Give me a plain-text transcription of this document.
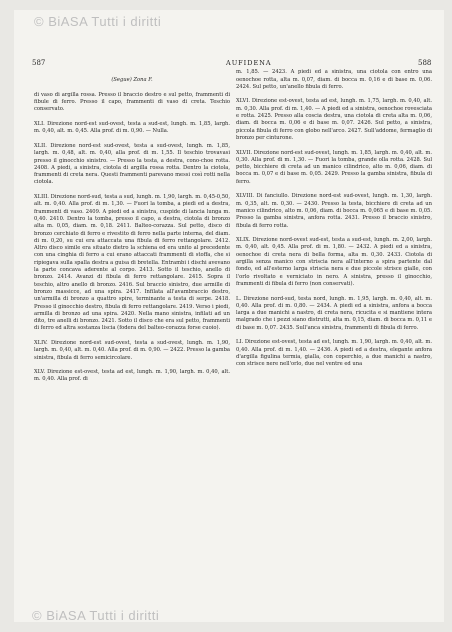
© BiASA Tutti i diritti
587	AUFIDENA	588

(Segue) Zona F.

di vaso di argilla rossa. Presso il braccio destro e sul petto, frammenti di fibule di ferro. Presso il capo, frammenti di vaso di creta. Teschio conservato.

XLI. Direzione nord-est sud-ovest, testa a sud-est, lungh. m. 1,85, largh. m. 0,40, alt. m. 0,45. Alla prof. di m. 0,90. — Nulla.

XLII. Direzione nord-est sud-ovest, testa a sud-ovest, lungh. m. 1,85, largh. m. 0,48, alt. m. 0,40, alla prof. di m. 1,55. Il teschio trovavasi presso il ginocchio sinistro. — Presso la testa, a destra, cono-choe rotta. 2408. A piedi, a sinistra, ciotola di argilla rossa rotta. Dentro la ciotola, frammenti di creta nera. Questi frammenti parevano messi così rotti nella ciotola.

XLIII. Direzione nord-sud, testa a sud, lungh. m. 1,90, largh. m. 0,45-0,50, alt. m. 0,40. Alla prof. di m. 1,30. — Fuori la tomba, a piedi ed a destra, frammenti di vaso. 2409. A piedi ed a sinistra, cuspide di lancia lunga m. 0,40. 2410. Dentro la tomba, presso il capo, a destra, ciotola di bronzo alta m. 0,05, diam. m. 0,18. 2411. Balteo-corazza. Sul petto, disco di bronzo cerchiato di ferro e rivestito di ferro nella parte interna, del diam. di m. 0,20, su cui era attaccata una fibula di ferro rettangolare. 2412. Altro disco simile era situato dietro la schiena ed era unito al precedente con una cinghia di ferro a cui erano attaccati frammenti di stoffa, che si ripiegava sulla spalla destra a guisa di bretella. Entrambi i dischi avevano la parte concava aderente al corpo. 2413. Sotto il teschio, anello di bronzo. 2414. Avanzi di fibula di ferro rettangolare. 2415. Sopra il teschio, altro anello di bronzo. 2416. Sul braccio sinistro, due armille di bronzo massicce, ad una spira. 2417. Infilata all'avambraccio destro, un'armilla di bronzo a quattro spire, terminante a testa di serpe. 2418. Presso il ginocchio destro, fibula di ferro rettangolare. 2419. Verso i piedi, armilla di bronzo ad una spira. 2420. Nella mano sinistra, infilati ad un dito, tre anelli di bronzo. 2421. Sotto il disco che era sul petto, frammenti di ferro ed altra sostanza liscia (fodera del balteo-corazza forse cuoio).

XLIV. Direzione nord-est sud-ovest, testa a sud-ovest, lungh. m. 1,90, largh. m. 0,40, alt. m. 0,40. Alla prof. di m. 0,90. — 2422. Presso la gamba sinistra, fibula di ferro semicircolare.

XLV. Direzione est-ovest, testa ad est, lungh. m. 1,90, largh. m. 0,40, alt. m. 0,40. Alla prof. di

m. 1,85. — 2423. A piedi ed a sinistra, una ciotola con entro una oenochoe rotta, alta m. 0,07, diam. di bocca m. 0,16 e di base m. 0,06. 2424. Sul petto, un'anello fibula di ferro.

XLVI. Direzione est-ovest, testa ad est, lungh. m. 1,75, largh. m. 0,40, alt. m. 0,30. Alla prof. di m. 1,40. — A piedi ed a sinistra, oenochoe rovesciata e rotta. 2425. Presso alla coscia destra, una ciotola di creta alta m. 0,06, diam. di bocca m. 0,06 e di base m. 0,07. 2426. Sul petto, a sinistra, piccola fibula di ferro con globo nell'arco. 2427. Sull'addome, fermaglio di bronzo per cinturone.

XLVII. Direzione nord-est sud-ovest, lungh. m. 1,85, largh. m. 0,40, alt. m. 0,30. Alla prof. di m. 1,30. — Fuori la tomba, grande olla rotta. 2428. Sul petto, bicchiere di creta ad un manico cilindrico, alto m. 0,06, diam. di bocca m. 0,07 e di base m. 0,05. 2429. Presso la gamba sinistra, fibula di ferro.

XLVIII. Di fanciullo. Direzione nord-est sud-ovest, lungh. m. 1,30, largh. m. 0,35, alt. m. 0,30. — 2430. Presso la testa, bicchiere di creta ad un manico cilindrico, alto m. 0,06, diam. di bocca m. 0,065 e di base m. 0,05. Presso la gamba sinistra, anfora rotta. 2431. Presso il braccio sinistro, fibula di ferro rotta.

XLIX. Direzione nord-ovest sud-est, testa a sud-est, lungh. m. 2,00, largh. m. 0,40, alt. 0,45. Alla prof. di m. 1,80. — 2432. A piedi ed a sinistra, oenochoe di creta nera di bella forma, alta m. 0,30. 2433. Ciotola di argilla senza manico con striscia nera all'interno a spira partente dal fondo, ed all'esterno larga striscia nera e due piccole strisce gialle, con l'orlo rivoltato e verniciato in nero. A sinistra, presso il ginocchio, frammenti di fibula di ferro (non conservati).

L. Direzione nord-sud, testa nord, lungh. m. 1,95, largh. m. 0,40, alt. m. 0,40. Alla prof. di m. 0,80. — 2434. A piedi ed a sinistra, anfora a bocca larga a due manichi a nastro, di creta nera, ricucita e si mantiene intera malgrado che i pezzi siano distrutti, alta m. 0,15, diam. di bocca m. 0,11 e di base m. 0,07. 2435. Sull'anca sinistra, frammenti di fibula di ferro.

LI. Direzione est-ovest, testa ad est, lungh. m. 1,90, largh. m. 0,40, alt. m. 0,40. Alla prof. di m. 1,40. — 2436. A piedi ed a destra, elegante anfora d'argilla figulina termia, gialla, con coperchio, a due manichi a nastro, con strisce nere nell'orlo, due nel ventre ed una

© BiASA Tutti i diritti
